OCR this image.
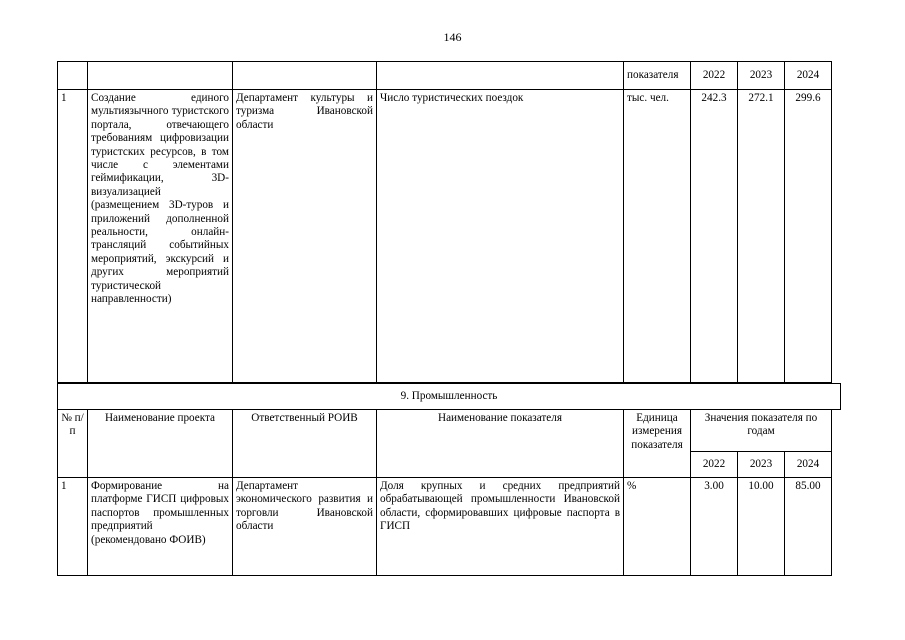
146
				показателя	2022	2023	2024
1	Создание единого мультиязычного туристского портала, отвечающего требованиям цифровизации туристских ресурсов, в том числе с элементами геймификации, 3D-визуализацией (размещением 3D-туров и приложений дополненной реальности, онлайн-трансляций событийных мероприятий, экскурсий и других мероприятий туристической направленности)	Департамент культуры и туризма Ивановской области	Число туристических поездок	тыс. чел.	242.3	272.1	299.6

№ п/п	Наименование проекта	Ответственный РОИВ	Наименование показателя	Единица измерения показателя	Значения показателя по годам		
					2022	2023	2024
1	Формирование на платформе ГИСП цифровых паспортов промышленных предприятий (рекомендовано ФОИВ)	Департамент экономического развития и торговли Ивановской области	Доля крупных и средних предприятий обрабатывающей промышленности Ивановской области, сформировавших цифровые паспорта в ГИСП	%	3.00	10.00	85.00
9. Промышленность
